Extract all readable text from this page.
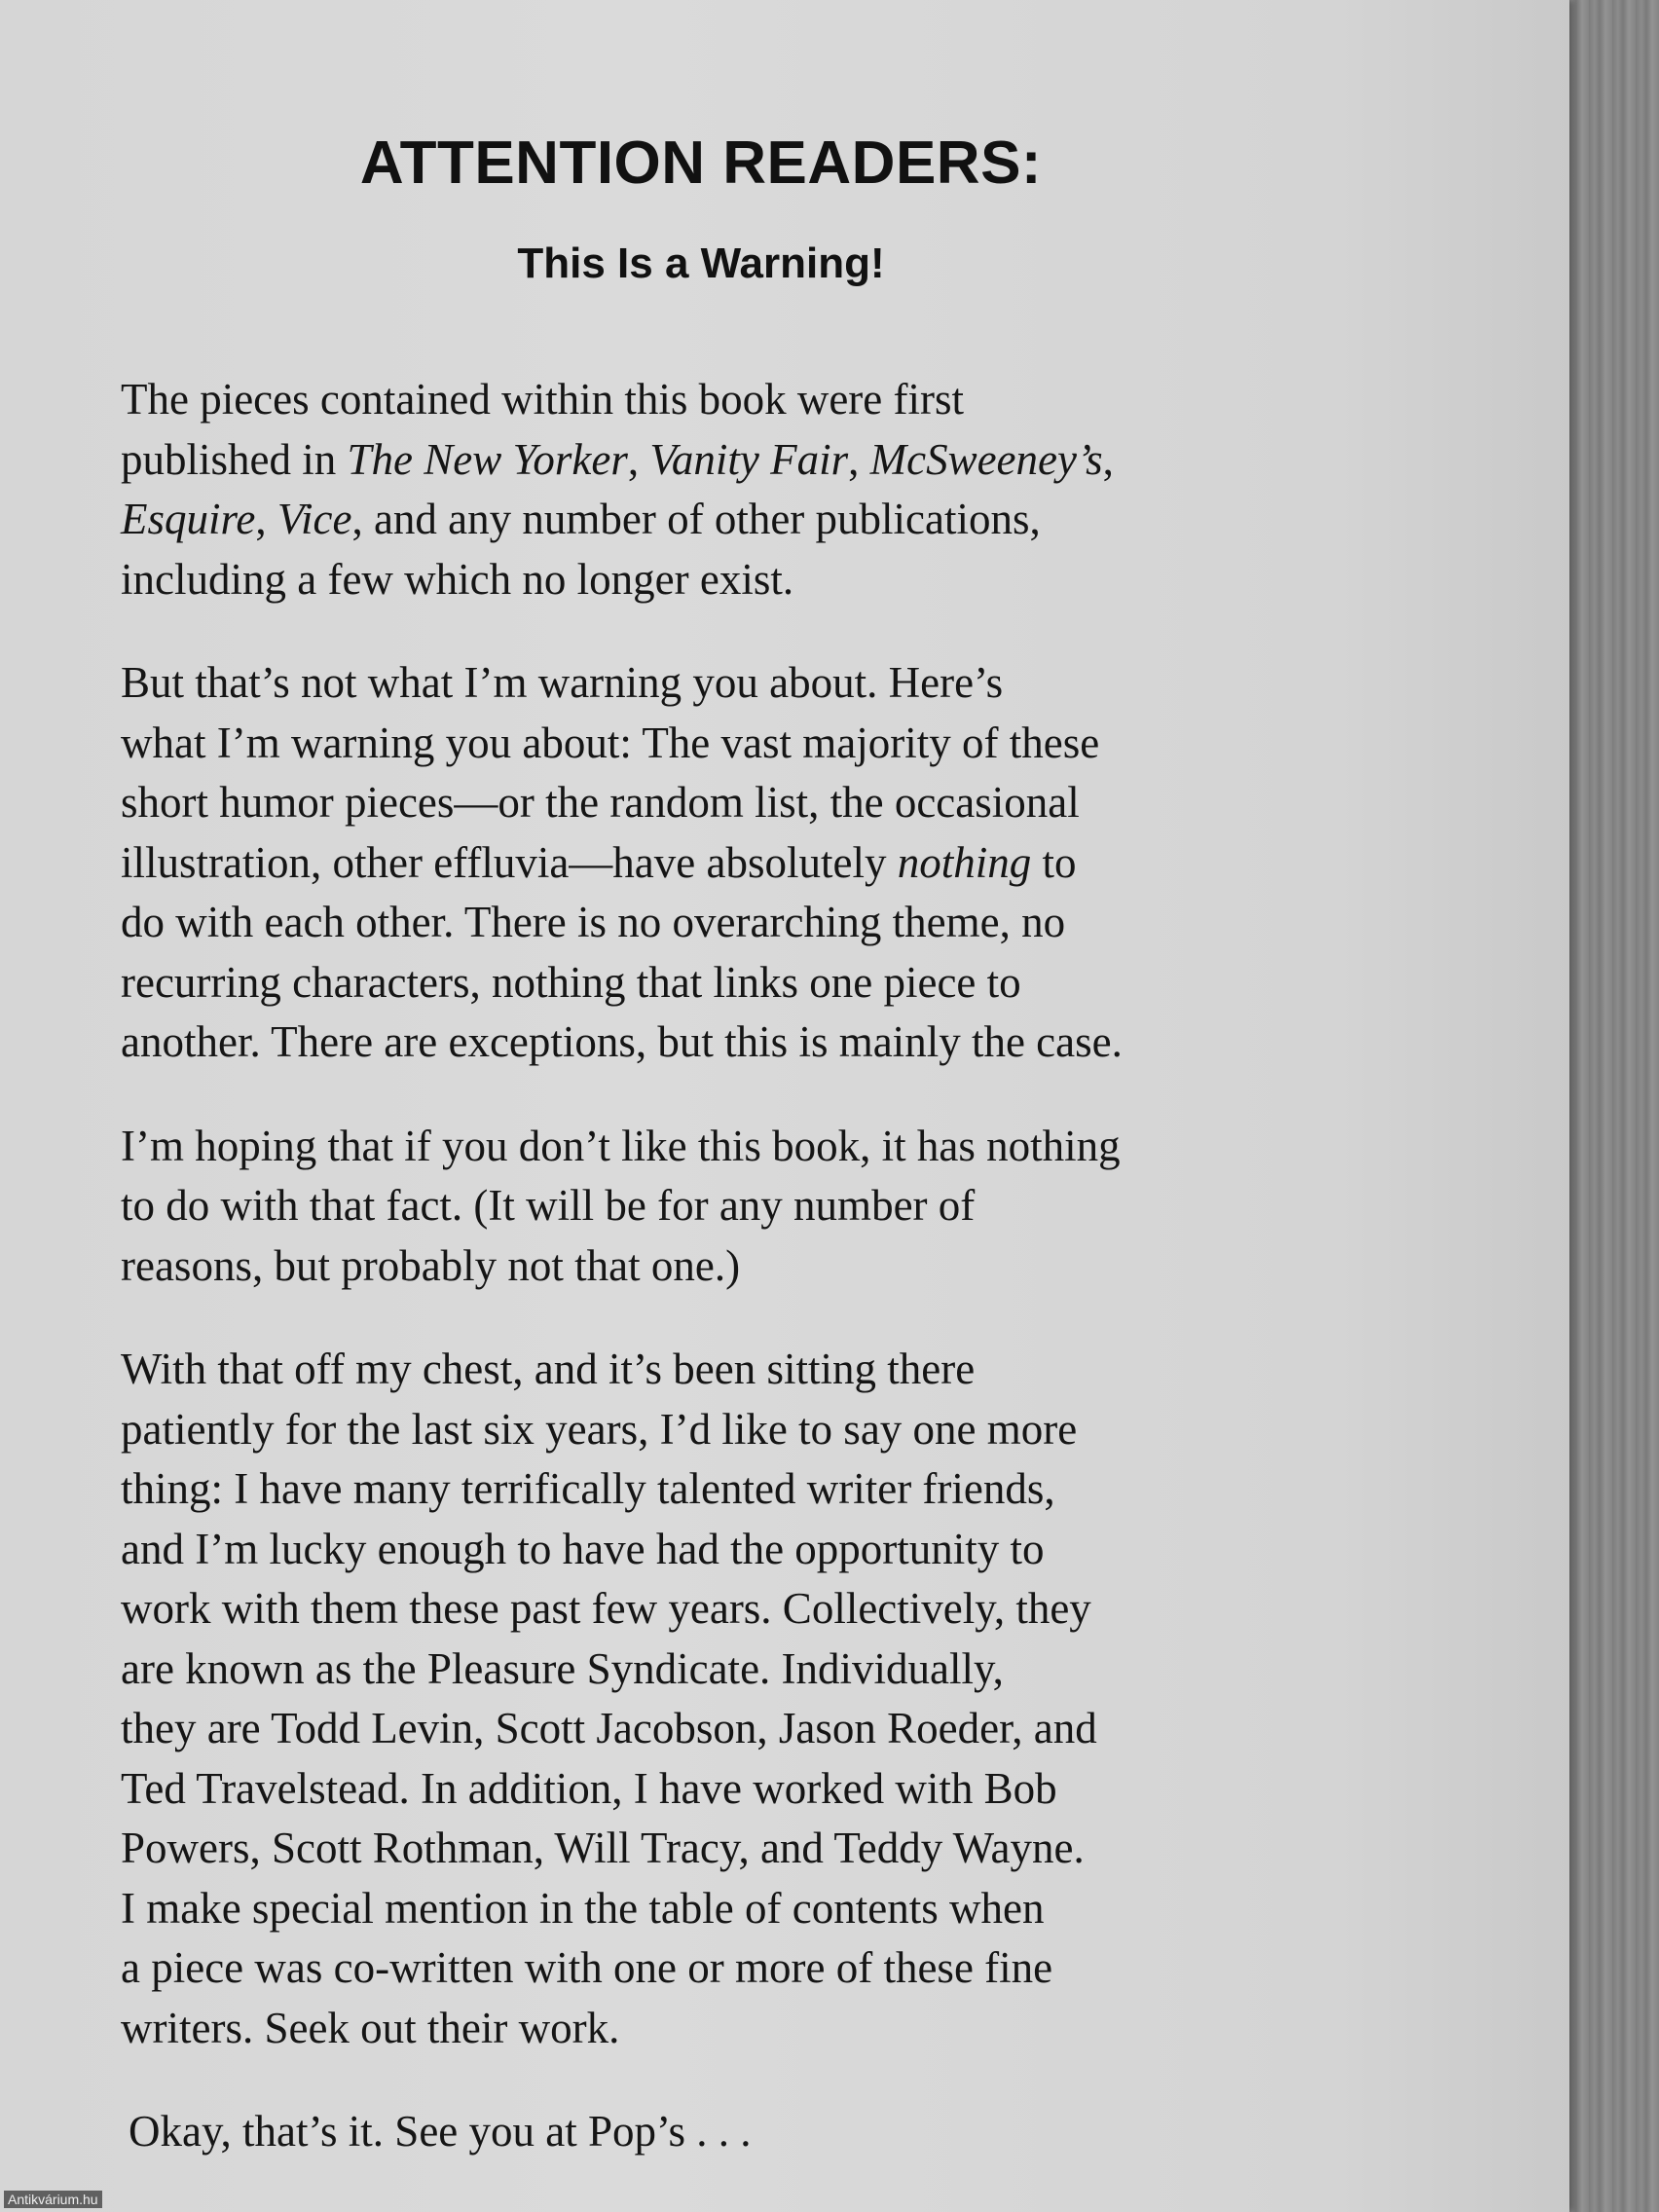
ATTENTION READERS:
This Is a Warning!

The pieces contained within this book were first
published in The New Yorker, Vanity Fair, McSweeney’s,
Esquire, Vice, and any number of other publications,
including a few which no longer exist.

But that’s not what I’m warning you about. Here’s
what I’m warning you about: The vast majority of these
short humor pieces—or the random list, the occasional
illustration, other effluvia—have absolutely nothing to
do with each other. There is no overarching theme, no
recurring characters, nothing that links one piece to
another. There are exceptions, but this is mainly the case.

I’m hoping that if you don’t like this book, it has nothing
to do with that fact. (It will be for any number of
reasons, but probably not that one.)

With that off my chest, and it’s been sitting there
patiently for the last six years, I’d like to say one more
thing: I have many terrifically talented writer friends,
and I’m lucky enough to have had the opportunity to
work with them these past few years. Collectively, they
are known as the Pleasure Syndicate. Individually,
they are Todd Levin, Scott Jacobson, Jason Roeder, and
Ted Travelstead. In addition, I have worked with Bob
Powers, Scott Rothman, Will Tracy, and Teddy Wayne.
I make special mention in the table of contents when
a piece was co-written with one or more of these fine
writers. Seek out their work.

Okay, that’s it. See you at Pop’s . . .

Antikvárium.hu
